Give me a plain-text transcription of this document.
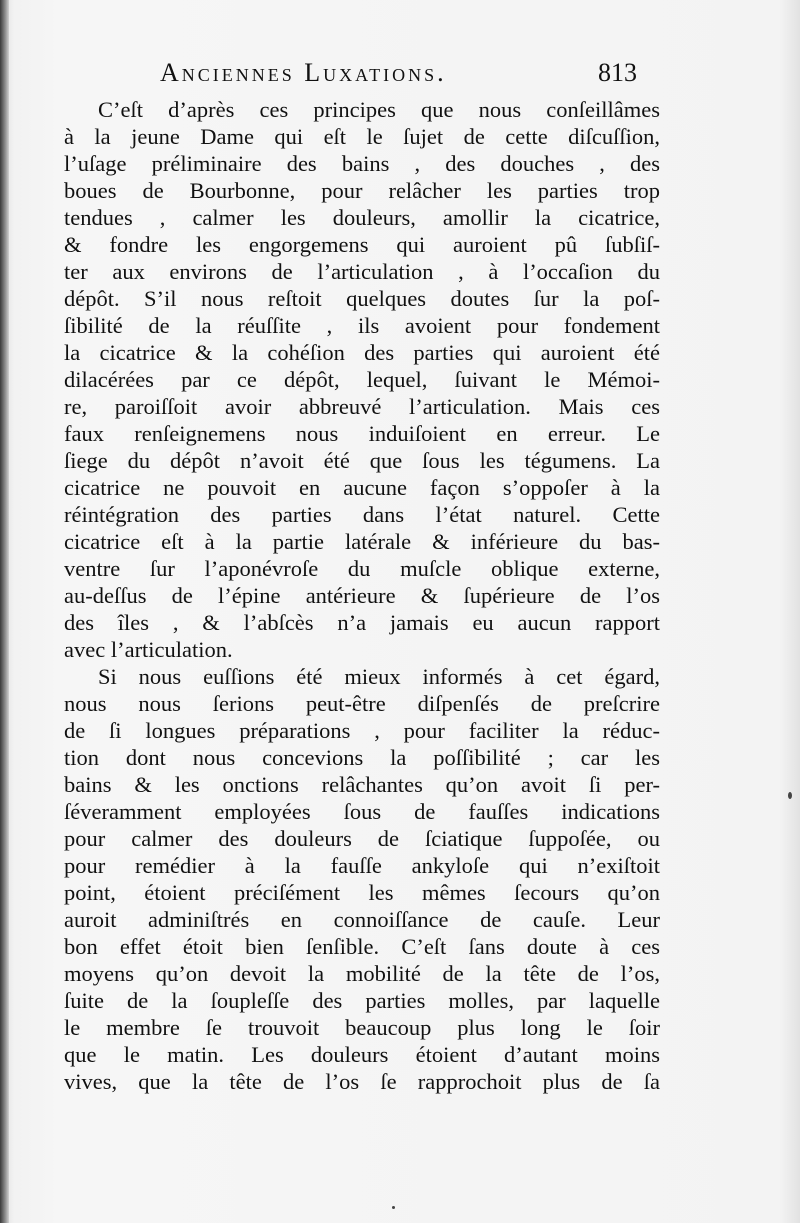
Anciennes Luxations.	813
C’eſt d’après ces principes que nous conſeillâmes
à la jeune Dame qui eſt le ſujet de cette diſcuſſion,
l’uſage préliminaire des bains , des douches , des
boues de Bourbonne, pour relâcher les parties trop
tendues , calmer les douleurs, amollir la cicatrice,
& fondre les engorgemens qui auroient pû ſubſiſ-
ter aux environs de l’articulation , à l’occaſion du
dépôt. S’il nous reſtoit quelques doutes ſur la poſ-
ſibilité de la réuſſite , ils avoient pour fondement
la cicatrice & la cohéſion des parties qui auroient été
dilacérées par ce dépôt, lequel, ſuivant le Mémoi-
re, paroiſſoit avoir abbreuvé l’articulation. Mais ces
faux renſeignemens nous induiſoient en erreur. Le
ſiege du dépôt n’avoit été que ſous les tégumens. La
cicatrice ne pouvoit en aucune façon s’oppoſer à la
réintégration des parties dans l’état naturel. Cette
cicatrice eſt à la partie latérale & inférieure du bas-
ventre ſur l’aponévroſe du muſcle oblique externe,
au-deſſus de l’épine antérieure & ſupérieure de l’os
des îles , & l’abſcès n’a jamais eu aucun rapport
avec l’articulation.
Si nous euſſions été mieux informés à cet égard,
nous nous ſerions peut-être diſpenſés de preſcrire
de ſi longues préparations , pour faciliter la réduc-
tion dont nous concevions la poſſibilité ; car les
bains & les onctions relâchantes qu’on avoit ſi per-
ſéveramment employées ſous de fauſſes indications
pour calmer des douleurs de ſciatique ſuppoſée, ou
pour remédier à la fauſſe ankyloſe qui n’exiſtoit
point, étoient préciſément les mêmes ſecours qu’on
auroit adminiſtrés en connoiſſance de cauſe. Leur
bon effet étoit bien ſenſible. C’eſt ſans doute à ces
moyens qu’on devoit la mobilité de la tête de l’os,
ſuite de la ſoupleſſe des parties molles, par laquelle
le membre ſe trouvoit beaucoup plus long le ſoir
que le matin. Les douleurs étoient d’autant moins
vives, que la tête de l’os ſe rapprochoit plus de ſa
